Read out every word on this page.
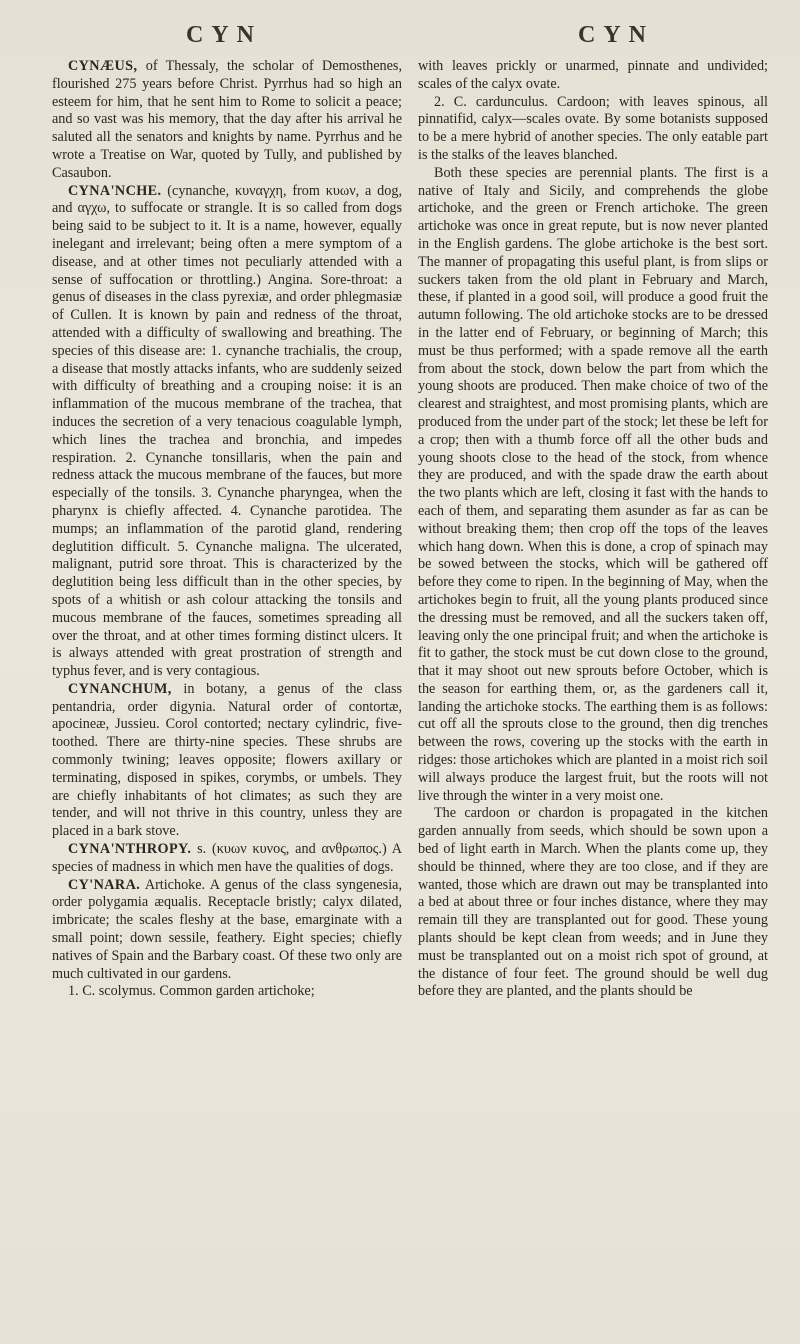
CYN	CYN

CYNÆUS, of Thessaly, the scholar of Demosthenes, flourished 275 years before Christ. Pyrrhus had so high an esteem for him, that he sent him to Rome to solicit a peace; and so vast was his memory, that the day after his arrival he saluted all the senators and knights by name. Pyrrhus and he wrote a Treatise on War, quoted by Tully, and published by Casaubon.

CYNA'NCHE. (cynanche, κυναγχη, from κυων, a dog, and αγχω, to suffocate or strangle. It is so called from dogs being said to be subject to it. It is a name, however, equally inelegant and irrelevant; being often a mere symptom of a disease, and at other times not peculiarly attended with a sense of suffocation or throttling.) Angina. Sore-throat: a genus of diseases in the class pyrexiæ, and order phlegmasiæ of Cullen. It is known by pain and redness of the throat, attended with a difficulty of swallowing and breathing. The species of this disease are: 1. cynanche trachialis, the croup, a disease that mostly attacks infants, who are suddenly seized with difficulty of breathing and a crouping noise: it is an inflammation of the mucous membrane of the trachea, that induces the secretion of a very tenacious coagulable lymph, which lines the trachea and bronchia, and impedes respiration. 2. Cynanche tonsillaris, when the pain and redness attack the mucous membrane of the fauces, but more especially of the tonsils. 3. Cynanche pharyngea, when the pharynx is chiefly affected. 4. Cynanche parotidea. The mumps; an inflammation of the parotid gland, rendering deglutition difficult. 5. Cynanche maligna. The ulcerated, malignant, putrid sore throat. This is characterized by the deglutition being less difficult than in the other species, by spots of a whitish or ash colour attacking the tonsils and mucous membrane of the fauces, sometimes spreading all over the throat, and at other times forming distinct ulcers. It is always attended with great prostration of strength and typhus fever, and is very contagious.

CYNANCHUM, in botany, a genus of the class pentandria, order digynia. Natural order of contortæ, apocineæ, Jussieu. Corol contorted; nectary cylindric, five-toothed. There are thirty-nine species. These shrubs are commonly twining; leaves opposite; flowers axillary or terminating, disposed in spikes, corymbs, or umbels. They are chiefly inhabitants of hot climates; as such they are tender, and will not thrive in this country, unless they are placed in a bark stove.

CYNA'NTHROPY. s. (κυων κυνος, and ανθρωπος.) A species of madness in which men have the qualities of dogs.

CY'NARA. Artichoke. A genus of the class syngenesia, order polygamia æqualis. Receptacle bristly; calyx dilated, imbricate; the scales fleshy at the base, emarginate with a small point; down sessile, feathery. Eight species; chiefly natives of Spain and the Barbary coast. Of these two only are much cultivated in our gardens.

1. C. scolymus. Common garden artichoke;

with leaves prickly or unarmed, pinnate and undivided; scales of the calyx ovate.

2. C. cardunculus. Cardoon; with leaves spinous, all pinnatifid, calyx—scales ovate. By some botanists supposed to be a mere hybrid of another species. The only eatable part is the stalks of the leaves blanched.

Both these species are perennial plants. The first is a native of Italy and Sicily, and comprehends the globe artichoke, and the green or French artichoke. The green artichoke was once in great repute, but is now never planted in the English gardens. The globe artichoke is the best sort. The manner of propagating this useful plant, is from slips or suckers taken from the old plant in February and March, these, if planted in a good soil, will produce a good fruit the autumn following. The old artichoke stocks are to be dressed in the latter end of February, or beginning of March; this must be thus performed; with a spade remove all the earth from about the stock, down below the part from which the young shoots are produced. Then make choice of two of the clearest and straightest, and most promising plants, which are produced from the under part of the stock; let these be left for a crop; then with a thumb force off all the other buds and young shoots close to the head of the stock, from whence they are produced, and with the spade draw the earth about the two plants which are left, closing it fast with the hands to each of them, and separating them asunder as far as can be without breaking them; then crop off the tops of the leaves which hang down. When this is done, a crop of spinach may be sowed between the stocks, which will be gathered off before they come to ripen. In the beginning of May, when the artichokes begin to fruit, all the young plants produced since the dressing must be removed, and all the suckers taken off, leaving only the one principal fruit; and when the artichoke is fit to gather, the stock must be cut down close to the ground, that it may shoot out new sprouts before October, which is the season for earthing them, or, as the gardeners call it, landing the artichoke stocks. The earthing them is as follows: cut off all the sprouts close to the ground, then dig trenches between the rows, covering up the stocks with the earth in ridges: those artichokes which are planted in a moist rich soil will always produce the largest fruit, but the roots will not live through the winter in a very moist one.

The cardoon or chardon is propagated in the kitchen garden annually from seeds, which should be sown upon a bed of light earth in March. When the plants come up, they should be thinned, where they are too close, and if they are wanted, those which are drawn out may be transplanted into a bed at about three or four inches distance, where they may remain till they are transplanted out for good. These young plants should be kept clean from weeds; and in June they must be transplanted out on a moist rich spot of ground, at the distance of four feet. The ground should be well dug before they are planted, and the plants should be
